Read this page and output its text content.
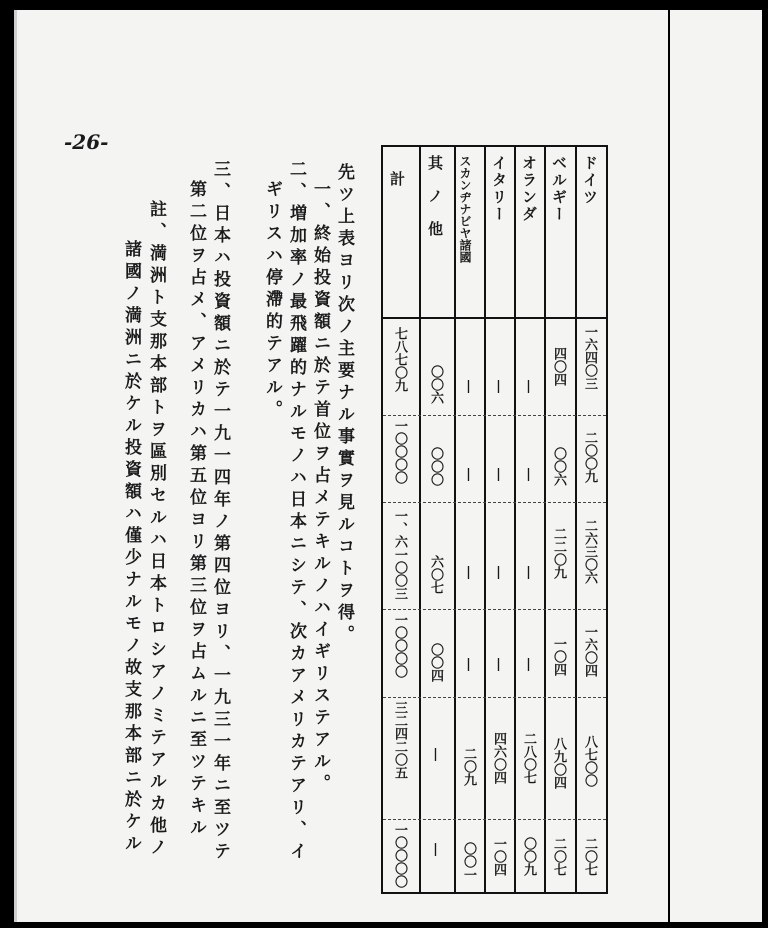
-26-
ドイツ
ベルギー
オランダ
イタリー
スカンヂナビヤ諸國
其ノ他
計
一六四〇三
二〇〇九
二六三〇六
一六〇四
八七〇〇
二〇七
四〇四
〇〇六
二二〇九
一〇四
八九〇四
二〇七
|
|
|
|
二八〇七
〇〇九
|
|
|
|
四六〇四
一〇四
|
|
|
|
二〇九
〇〇一
〇〇六
〇〇〇
六〇七
〇〇四
|
|
七八七〇九
一〇〇〇〇
一、六一〇〇三
一〇〇〇〇
三二四二〇五
一〇〇〇〇
先ツ上表ヨリ次ノ主要ナル事實ヲ見ルコトヲ得。
一、終始投資額ニ於テ首位ヲ占メテキルノハイギリステアル。
二、増加率ノ最飛躍的ナルモノハ日本ニシテ、次カアメリカテアリ、イ
ギリスハ停滯的テアル。
三、日本ハ投資額ニ於テ一九一四年ノ第四位ヨリ、一九三一年ニ至ツテ
第二位ヲ占メ、アメリカハ第五位ヨリ第三位ヲ占ムルニ至ツテキル
註、満洲ト支那本部トヲ區別セルハ日本トロシアノミテアルカ他ノ
諸國ノ満洲ニ於ケル投資額ハ僅少ナルモノ故支那本部ニ於ケル
